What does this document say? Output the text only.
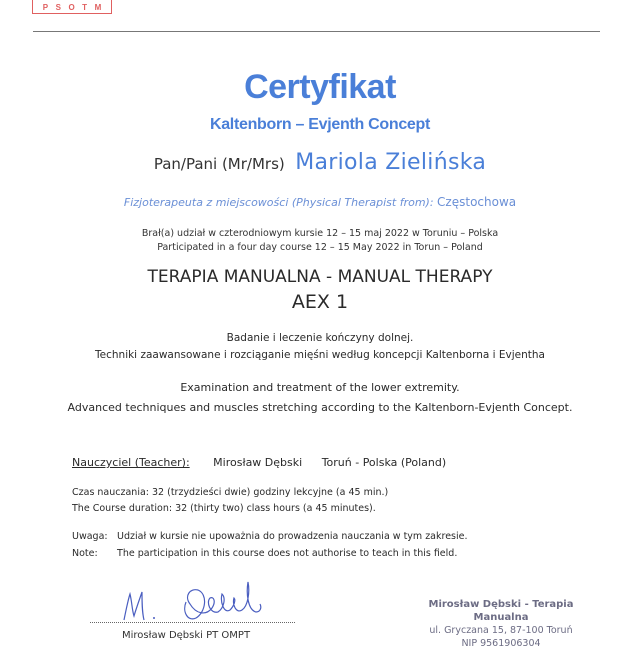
P S O T M
Certyfikat
Kaltenborn – Evjenth Concept
Pan/Pani (Mr/Mrs) Mariola Zielińska
Fizjoterapeuta z miejscowości (Physical Therapist from): Częstochowa
Brał(a) udział w czterodniowym kursie 12 – 15 maj 2022 w Toruniu – Polska
Participated in a four day course 12 – 15 May 2022 in Torun – Poland
TERAPIA MANUALNA - MANUAL THERAPY
AEX 1
Badanie i leczenie kończyny dolnej.
Techniki zaawansowane i rozciąganie mięśni według koncepcji Kaltenborna i Evjentha
Examination and treatment of the lower extremity.
Advanced techniques and muscles stretching according to the Kaltenborn-Evjenth Concept.
Nauczyciel (Teacher): Mirosław Dębski Toruń - Polska (Poland)
Czas nauczania: 32 (trzydzieści dwie) godziny lekcyjne (a 45 min.)
The Course duration: 32 (thirty two) class hours (a 45 minutes).
Uwaga: Udział w kursie nie upoważnia do prowadzenia nauczania w tym zakresie.
Note: The participation in this course does not authorise to teach in this field.
Mirosław Dębski PT OMPT
Mirosław Dębski - Terapia Manualna
ul. Gryczana 15, 87-100 Toruń
NIP 9561906304
